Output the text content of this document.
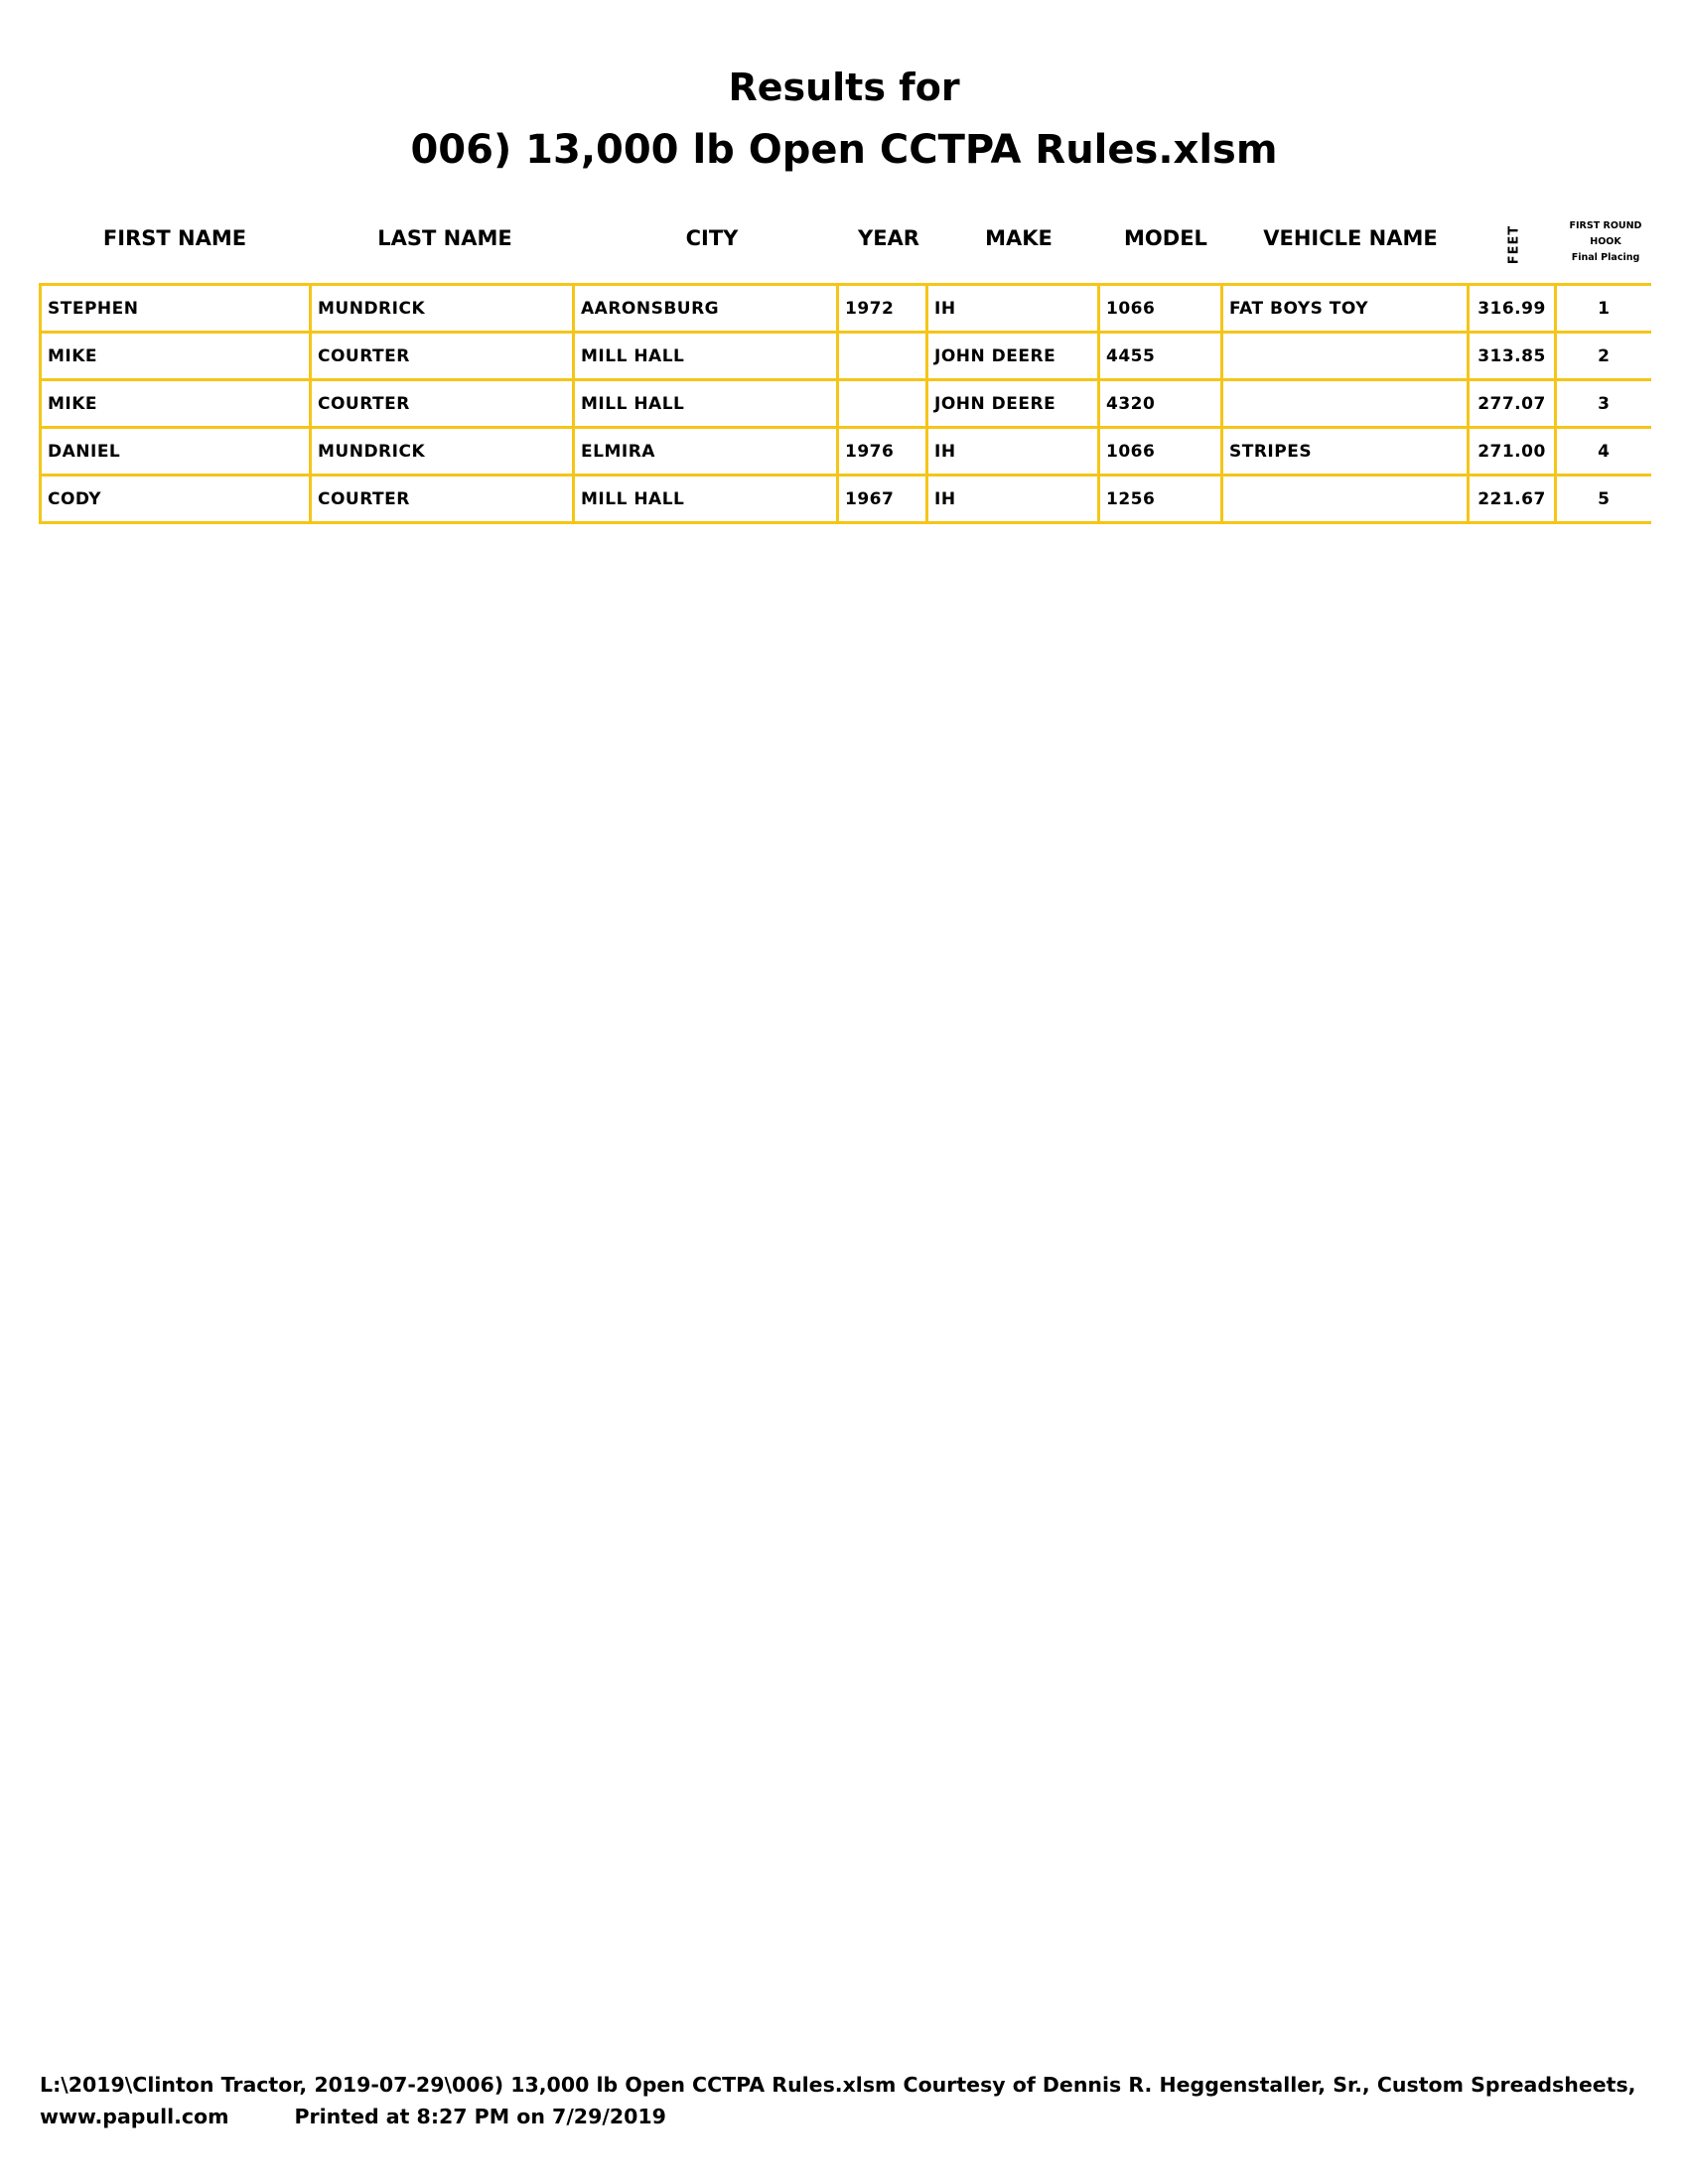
Results for
006) 13,000 lb Open CCTPA Rules.xlsm
FIRST NAME	LAST NAME	CITY	YEAR	MAKE	MODEL	VEHICLE NAME	FEET	FIRST ROUND
HOOK
Final Placing
STEPHEN	MUNDRICK	AARONSBURG	1972	IH	1066	FAT BOYS TOY	316.99	1
MIKE	COURTER	MILL HALL		JOHN DEERE	4455		313.85	2
MIKE	COURTER	MILL HALL		JOHN DEERE	4320		277.07	3
DANIEL	MUNDRICK	ELMIRA	1976	IH	1066	STRIPES	271.00	4
CODY	COURTER	MILL HALL	1967	IH	1256		221.67	5
L:\2019\Clinton Tractor, 2019-07-29\006) 13,000 lb Open CCTPA Rules.xlsm Courtesy of Dennis R. Heggenstaller, Sr., Custom Spreadsheets,
www.papull.com	Printed at 8:27 PM on 7/29/2019
